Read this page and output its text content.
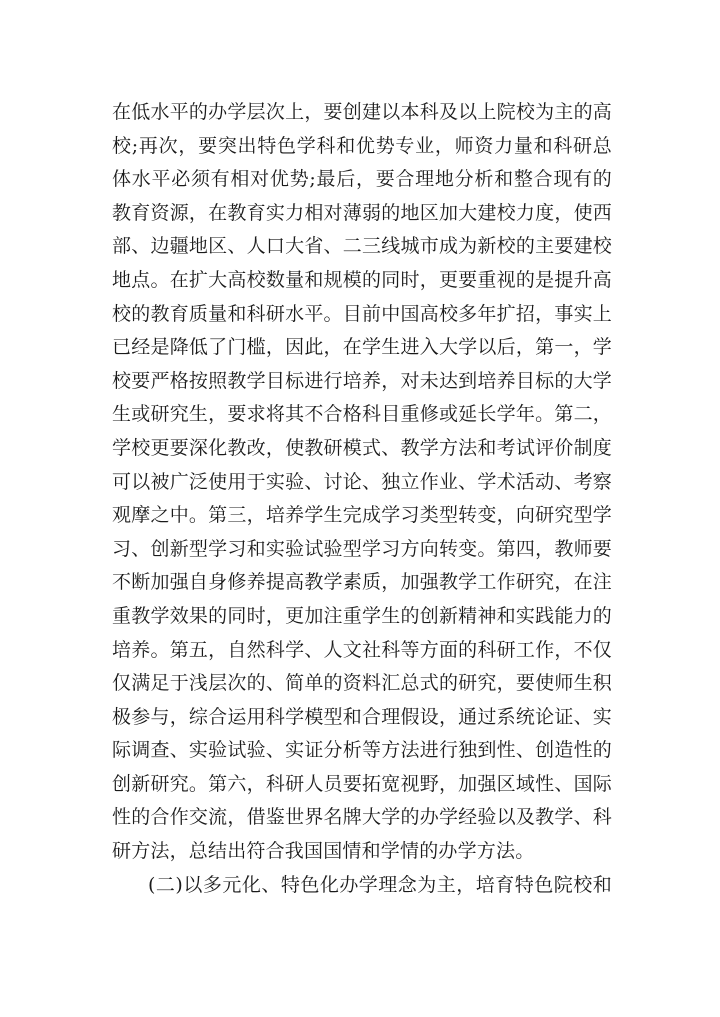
在低水平的办学层次上，要创建以本科及以上院校为主的高
校;再次，要突出特色学科和优势专业，师资力量和科研总
体水平必须有相对优势;最后，要合理地分析和整合现有的
教育资源，在教育实力相对薄弱的地区加大建校力度，使西
部、边疆地区、人口大省、二三线城市成为新校的主要建校
地点。在扩大高校数量和规模的同时，更要重视的是提升高
校的教育质量和科研水平。目前中国高校多年扩招，事实上
已经是降低了门槛，因此，在学生进入大学以后，第一，学
校要严格按照教学目标进行培养，对未达到培养目标的大学
生或研究生，要求将其不合格科目重修或延长学年。第二，
学校更要深化教改，使教研模式、教学方法和考试评价制度
可以被广泛使用于实验、讨论、独立作业、学术活动、考察
观摩之中。第三，培养学生完成学习类型转变，向研究型学
习、创新型学习和实验试验型学习方向转变。第四，教师要
不断加强自身修养提高教学素质，加强教学工作研究，在注
重教学效果的同时，更加注重学生的创新精神和实践能力的
培养。第五，自然科学、人文社科等方面的科研工作，不仅
仅满足于浅层次的、简单的资料汇总式的研究，要使师生积
极参与，综合运用科学模型和合理假设，通过系统论证、实
际调查、实验试验、实证分析等方法进行独到性、创造性的
创新研究。第六，科研人员要拓宽视野，加强区域性、国际
性的合作交流，借鉴世界名牌大学的办学经验以及教学、科
研方法，总结出符合我国国情和学情的办学方法。
(二)以多元化、特色化办学理念为主，培育特色院校和
